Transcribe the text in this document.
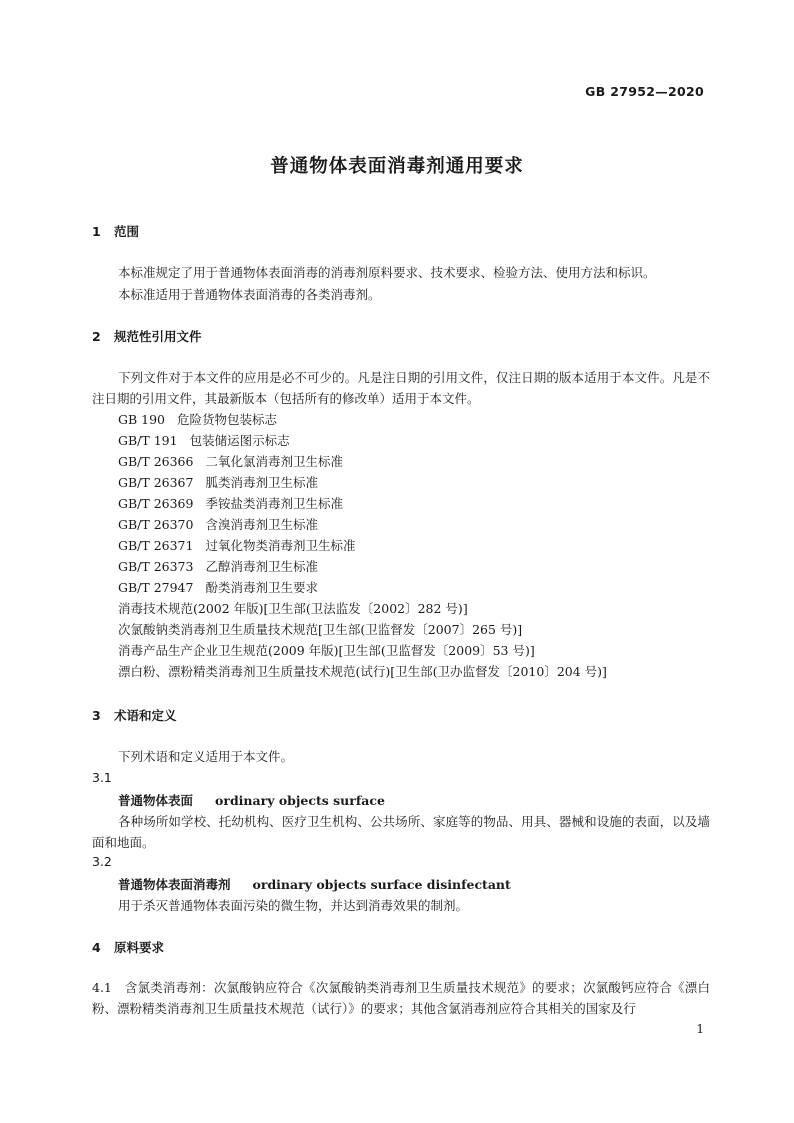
GB 27952—2020
普通物体表面消毒剂通用要求
1 范围
本标准规定了用于普通物体表面消毒的消毒剂原料要求、技术要求、检验方法、使用方法和标识。
本标准适用于普通物体表面消毒的各类消毒剂。
2 规范性引用文件
下列文件对于本文件的应用是必不可少的。凡是注日期的引用文件，仅注日期的版本适用于本文件。凡是不注日期的引用文件，其最新版本（包括所有的修改单）适用于本文件。
GB 190 危险货物包装标志
GB/T 191 包装储运图示标志
GB/T 26366 二氧化氯消毒剂卫生标准
GB/T 26367 胍类消毒剂卫生标准
GB/T 26369 季铵盐类消毒剂卫生标准
GB/T 26370 含溴消毒剂卫生标准
GB/T 26371 过氧化物类消毒剂卫生标准
GB/T 26373 乙醇消毒剂卫生标准
GB/T 27947 酚类消毒剂卫生要求
消毒技术规范(2002 年版)[卫生部(卫法监发〔2002〕282 号)]
次氯酸钠类消毒剂卫生质量技术规范[卫生部(卫监督发〔2007〕265 号)]
消毒产品生产企业卫生规范(2009 年版)[卫生部(卫监督发〔2009〕53 号)]
漂白粉、漂粉精类消毒剂卫生质量技术规范(试行)[卫生部(卫办监督发〔2010〕204 号)]
3 术语和定义
下列术语和定义适用于本文件。
3.1
普通物体表面 ordinary objects surface
各种场所如学校、托幼机构、医疗卫生机构、公共场所、家庭等的物品、用具、器械和设施的表面，以及墙面和地面。
3.2
普通物体表面消毒剂 ordinary objects surface disinfectant
用于杀灭普通物体表面污染的微生物，并达到消毒效果的制剂。
4 原料要求
4.1　含氯类消毒剂：次氯酸钠应符合《次氯酸钠类消毒剂卫生质量技术规范》的要求；次氯酸钙应符合《漂白粉、漂粉精类消毒剂卫生质量技术规范（试行）》的要求；其他含氯消毒剂应符合其相关的国家及行
1
